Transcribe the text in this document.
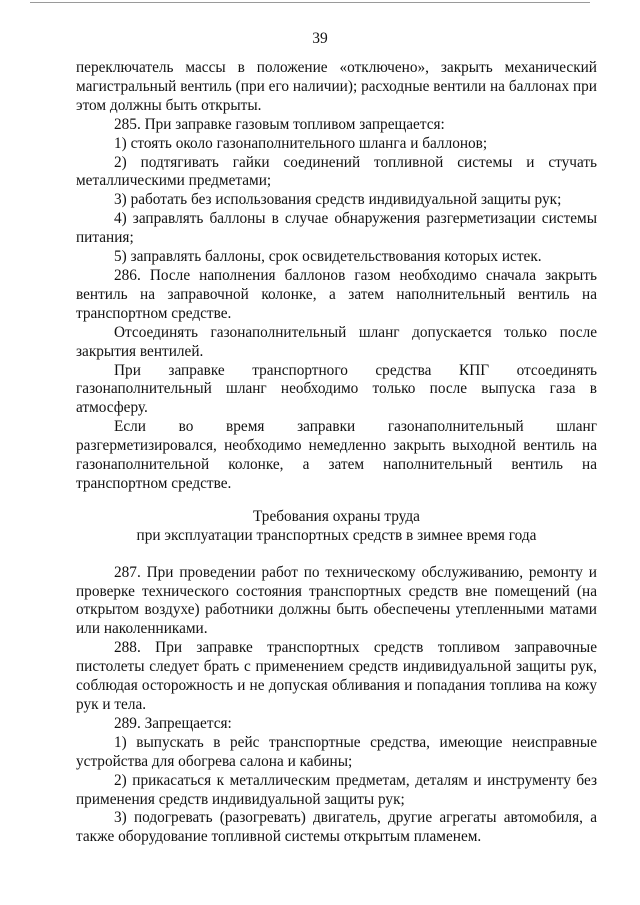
39

переключатель массы в положение «отключено», закрыть механический магистральный вентиль (при его наличии); расходные вентили на баллонах при этом должны быть открыты.

285. При заправке газовым топливом запрещается:

1) стоять около газонаполнительного шланга и баллонов;

2) подтягивать гайки соединений топливной системы и стучать металлическими предметами;

3) работать без использования средств индивидуальной защиты рук;

4) заправлять баллоны в случае обнаружения разгерметизации системы питания;

5) заправлять баллоны, срок освидетельствования которых истек.

286. После наполнения баллонов газом необходимо сначала закрыть вентиль на заправочной колонке, а затем наполнительный вентиль на транспортном средстве.

Отсоединять газонаполнительный шланг допускается только после закрытия вентилей.

При заправке транспортного средства КПГ отсоединять газонаполнительный шланг необходимо только после выпуска газа в атмосферу.

Если во время заправки газонаполнительный шланг разгерметизировался, необходимо немедленно закрыть выходной вентиль на газонаполнительной колонке, а затем наполнительный вентиль на транспортном средстве.

Требования охраны труда

при эксплуатации транспортных средств в зимнее время года

287. При проведении работ по техническому обслуживанию, ремонту и проверке технического состояния транспортных средств вне помещений (на открытом воздухе) работники должны быть обеспечены утепленными матами или наколенниками.

288. При заправке транспортных средств топливом заправочные пистолеты следует брать с применением средств индивидуальной защиты рук, соблюдая осторожность и не допуская обливания и попадания топлива на кожу рук и тела.

289. Запрещается:

1) выпускать в рейс транспортные средства, имеющие неисправные устройства для обогрева салона и кабины;

2) прикасаться к металлическим предметам, деталям и инструменту без применения средств индивидуальной защиты рук;

3) подогревать (разогревать) двигатель, другие агрегаты автомобиля, а также оборудование топливной системы открытым пламенем.
